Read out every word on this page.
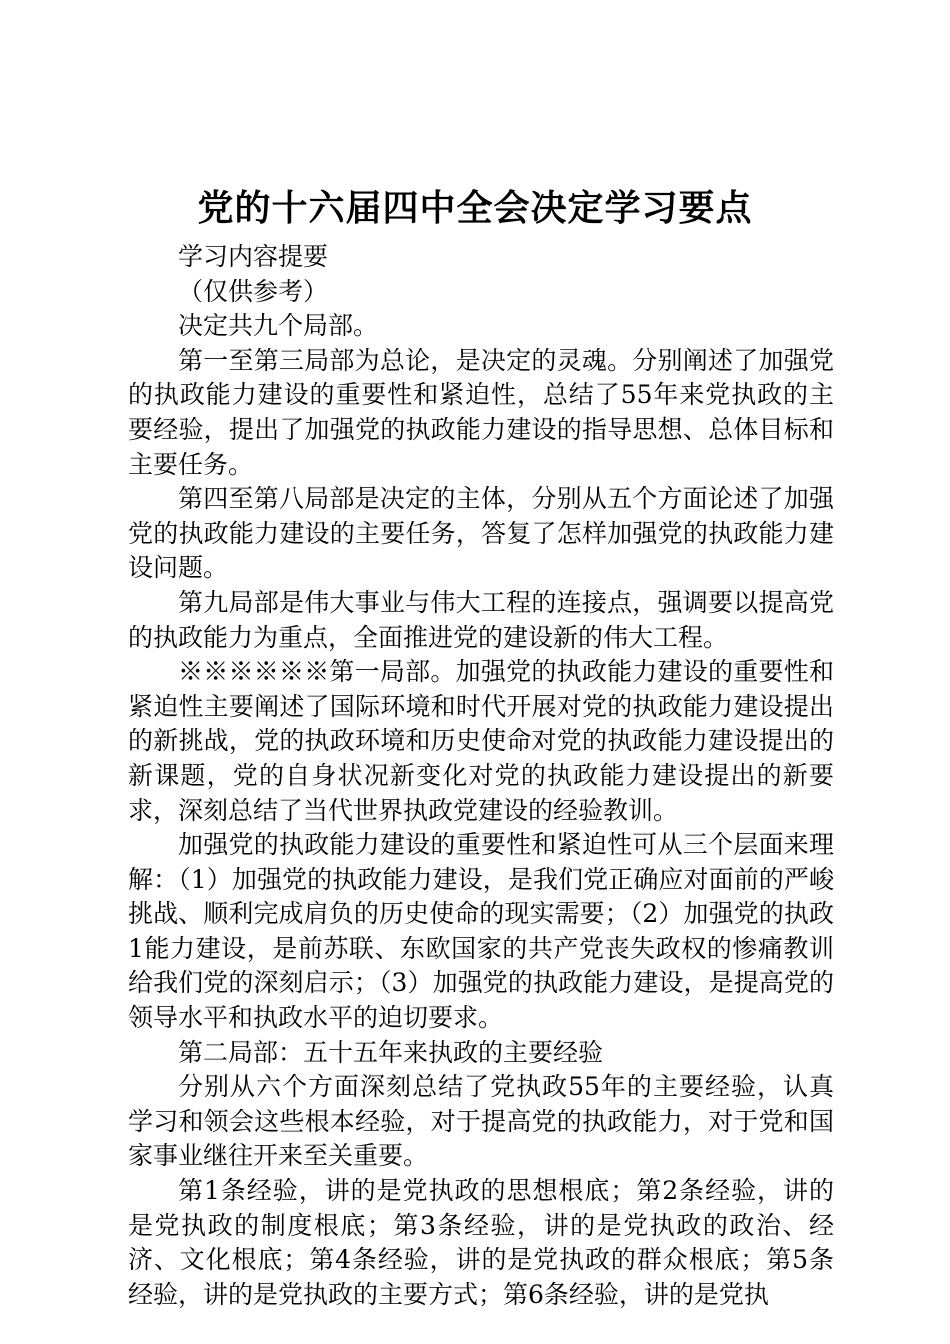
党的十六届四中全会决定学习要点

学习内容提要

（仅供参考）

决定共九个局部。

第一至第三局部为总论，是决定的灵魂。分别阐述了加强党的执政能力建设的重要性和紧迫性，总结了55年来党执政的主要经验，提出了加强党的执政能力建设的指导思想、总体目标和主要任务。

第四至第八局部是决定的主体，分别从五个方面论述了加强党的执政能力建设的主要任务，答复了怎样加强党的执政能力建设问题。

第九局部是伟大事业与伟大工程的连接点，强调要以提高党的执政能力为重点，全面推进党的建设新的伟大工程。

※※※※※※第一局部。加强党的执政能力建设的重要性和紧迫性主要阐述了国际环境和时代开展对党的执政能力建设提出的新挑战，党的执政环境和历史使命对党的执政能力建设提出的新课题，党的自身状况新变化对党的执政能力建设提出的新要求，深刻总结了当代世界执政党建设的经验教训。

加强党的执政能力建设的重要性和紧迫性可从三个层面来理解：（1）加强党的执政能力建设，是我们党正确应对面前的严峻挑战、顺利完成肩负的历史使命的现实需要；（2）加强党的执政1能力建设，是前苏联、东欧国家的共产党丧失政权的惨痛教训给我们党的深刻启示；（3）加强党的执政能力建设，是提高党的领导水平和执政水平的迫切要求。

第二局部：五十五年来执政的主要经验

分别从六个方面深刻总结了党执政55年的主要经验，认真学习和领会这些根本经验，对于提高党的执政能力，对于党和国家事业继往开来至关重要。

第1条经验，讲的是党执政的思想根底；第2条经验，讲的是党执政的制度根底；第3条经验，讲的是党执政的政治、经济、文化根底；第4条经验，讲的是党执政的群众根底；第5条经验，讲的是党执政的主要方式；第6条经验，讲的是党执
